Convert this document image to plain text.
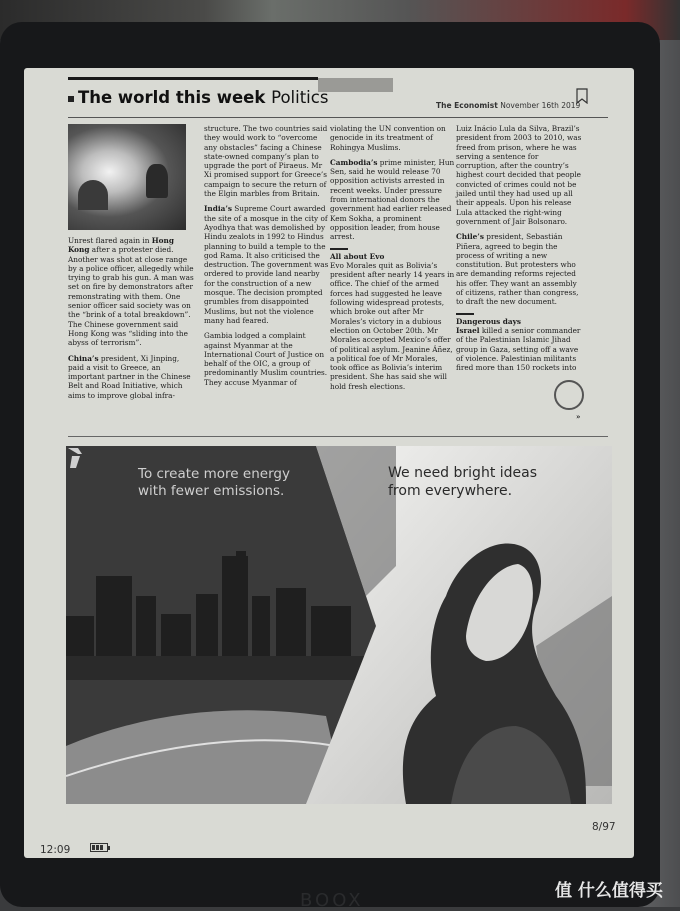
The world this week Politics	The Economist November 16th 2019

Unrest flared again in Hong Kong after a protester died. Another was shot at close range by a police officer, allegedly while trying to grab his gun. A man was set on fire by demonstrators after remonstrating with them. One senior officer said society was on the “brink of a total breakdown”. The Chinese government said Hong Kong was “sliding into the abyss of terrorism”.

China’s president, Xi Jinping, paid a visit to Greece, an important partner in the Chinese Belt and Road Initiative, which aims to improve global infra-

structure. The two countries said they would work to “overcome any obstacles” facing a Chinese state-owned company’s plan to upgrade the port of Piraeus. Mr Xi promised support for Greece’s campaign to secure the return of the Elgin marbles from Britain.

India’s Supreme Court awarded the site of a mosque in the city of Ayodhya that was demolished by Hindu zealots in 1992 to Hindus planning to build a temple to the god Rama. It also criticised the destruction. The government was ordered to provide land nearby for the construction of a new mosque. The decision prompted grumbles from disappointed Muslims, but not the violence many had feared.

Gambia lodged a complaint against Myanmar at the International Court of Justice on behalf of the OIC, a group of predominantly Muslim countries. They accuse Myanmar of

violating the UN convention on genocide in its treatment of Rohingya Muslims.

Cambodia’s prime minister, Hun Sen, said he would release 70 opposition activists arrested in recent weeks. Under pressure from international donors the government had earlier released Kem Sokha, a prominent opposition leader, from house arrest.

All about Evo

Evo Morales quit as Bolivia’s president after nearly 14 years in office. The chief of the armed forces had suggested he leave following widespread protests, which broke out after Mr Morales’s victory in a dubious election on October 20th. Mr Morales accepted Mexico’s offer of political asylum. Jeanine Áñez, a political foe of Mr Morales, took office as Bolivia’s interim president. She has said she will hold fresh elections.

Luiz Inácio Lula da Silva, Brazil’s president from 2003 to 2010, was freed from prison, where he was serving a sentence for corruption, after the country’s highest court decided that people convicted of crimes could not be jailed until they had used up all their appeals. Upon his release Lula attacked the right-wing government of Jair Bolsonaro.

Chile’s president, Sebastián Piñera, agreed to begin the process of writing a new constitution. But protesters who are demanding reforms rejected his offer. They want an assembly of citizens, rather than congress, to draft the new document.

Dangerous days

Israel killed a senior commander of the Palestinian Islamic Jihad group in Gaza, setting off a wave of violence. Palestinian militants fired more than 150 rockets into

»
To create more energy
with fewer emissions.
We need bright ideas
from everywhere.
8/97
12:09
BOOX	值 什么值得买
